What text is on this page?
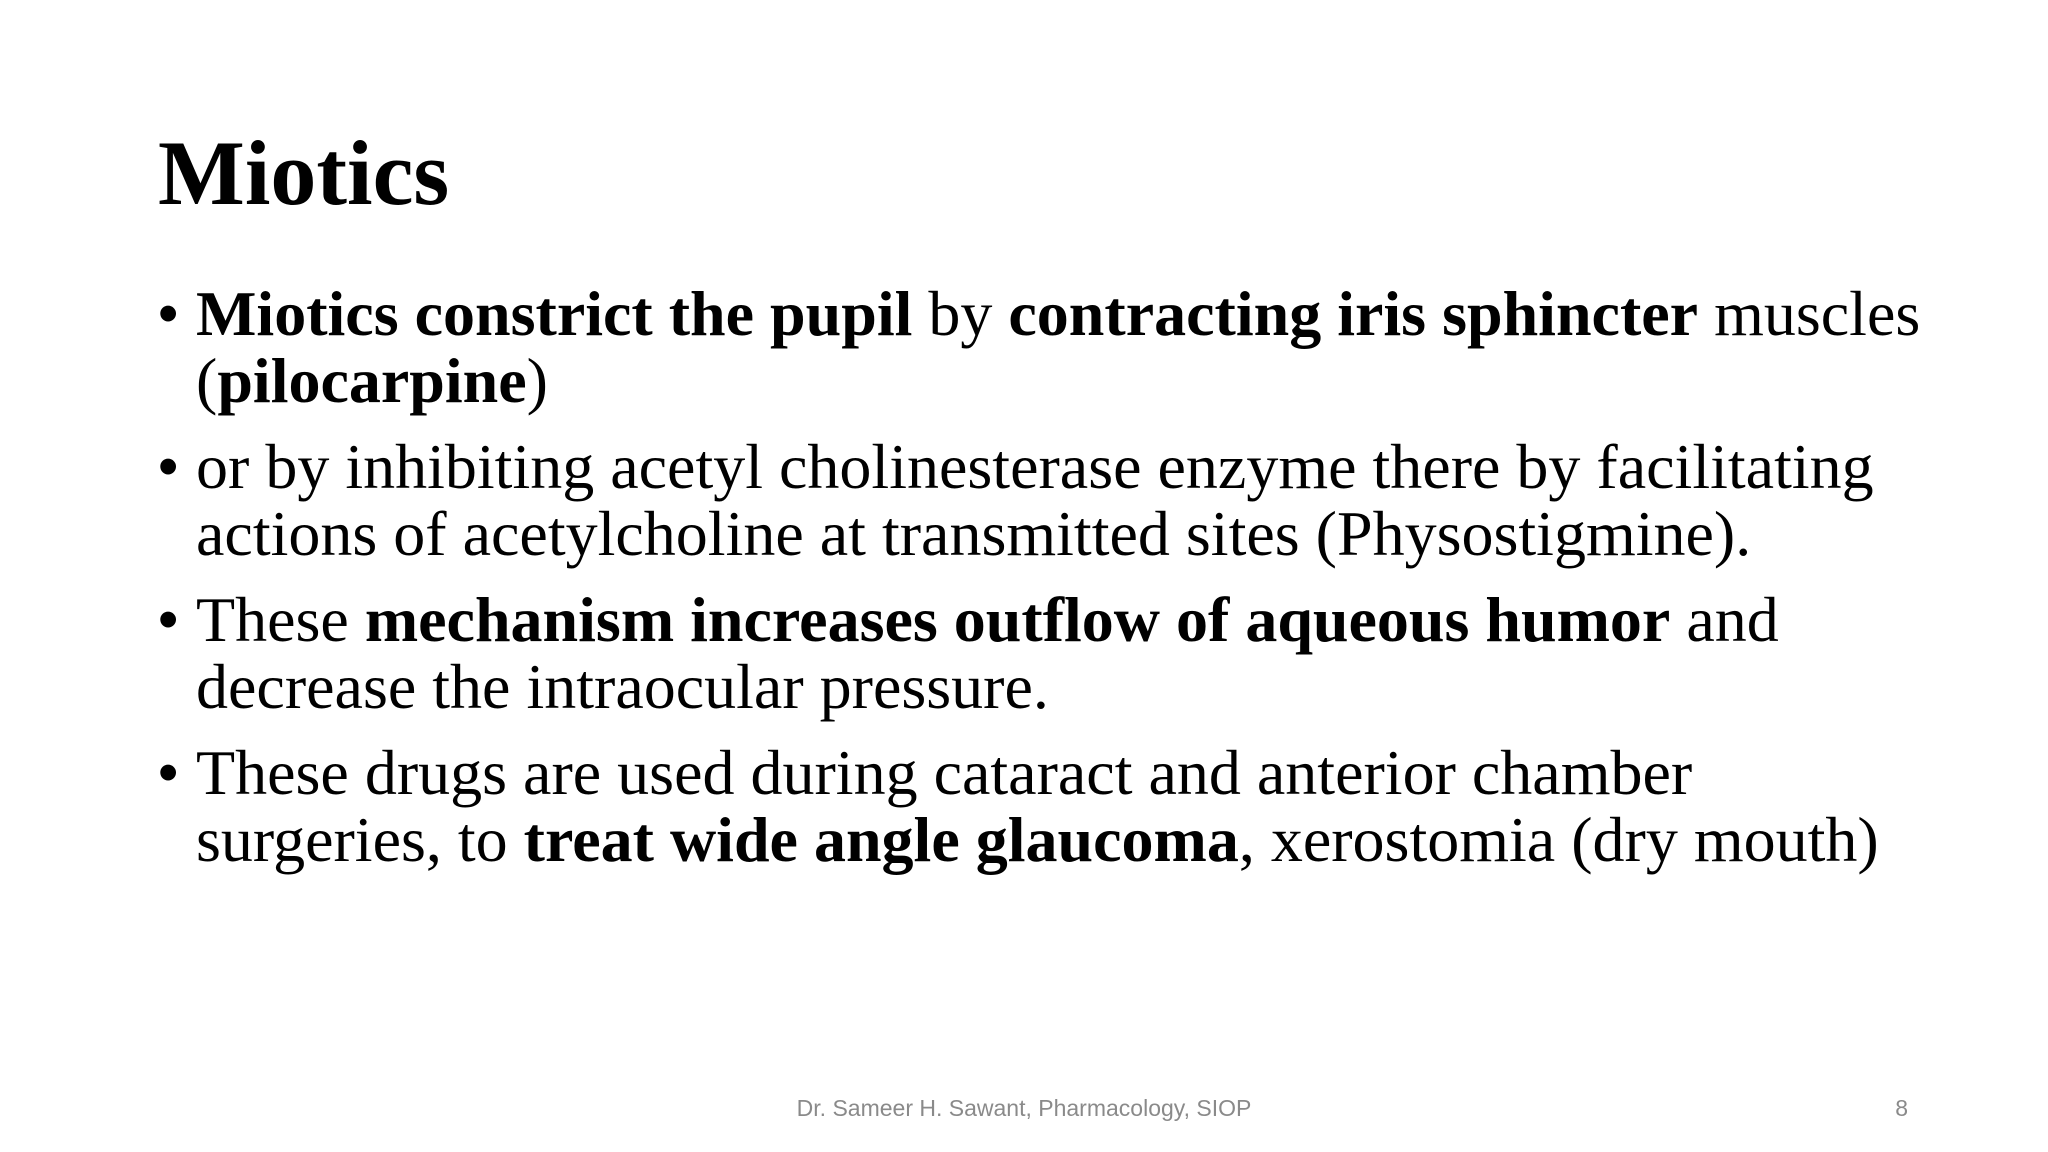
Miotics
• Miotics constrict the pupil by contracting iris sphincter muscles (pilocarpine)
• or by inhibiting acetyl cholinesterase enzyme there by facilitating actions of acetylcholine at transmitted sites (Physostigmine).
• These mechanism increases outflow of aqueous humor and decrease the intraocular pressure.
• These drugs are used during cataract and anterior chamber surgeries, to treat wide angle glaucoma, xerostomia (dry mouth)
Dr. Sameer H. Sawant, Pharmacology, SIOP	8
